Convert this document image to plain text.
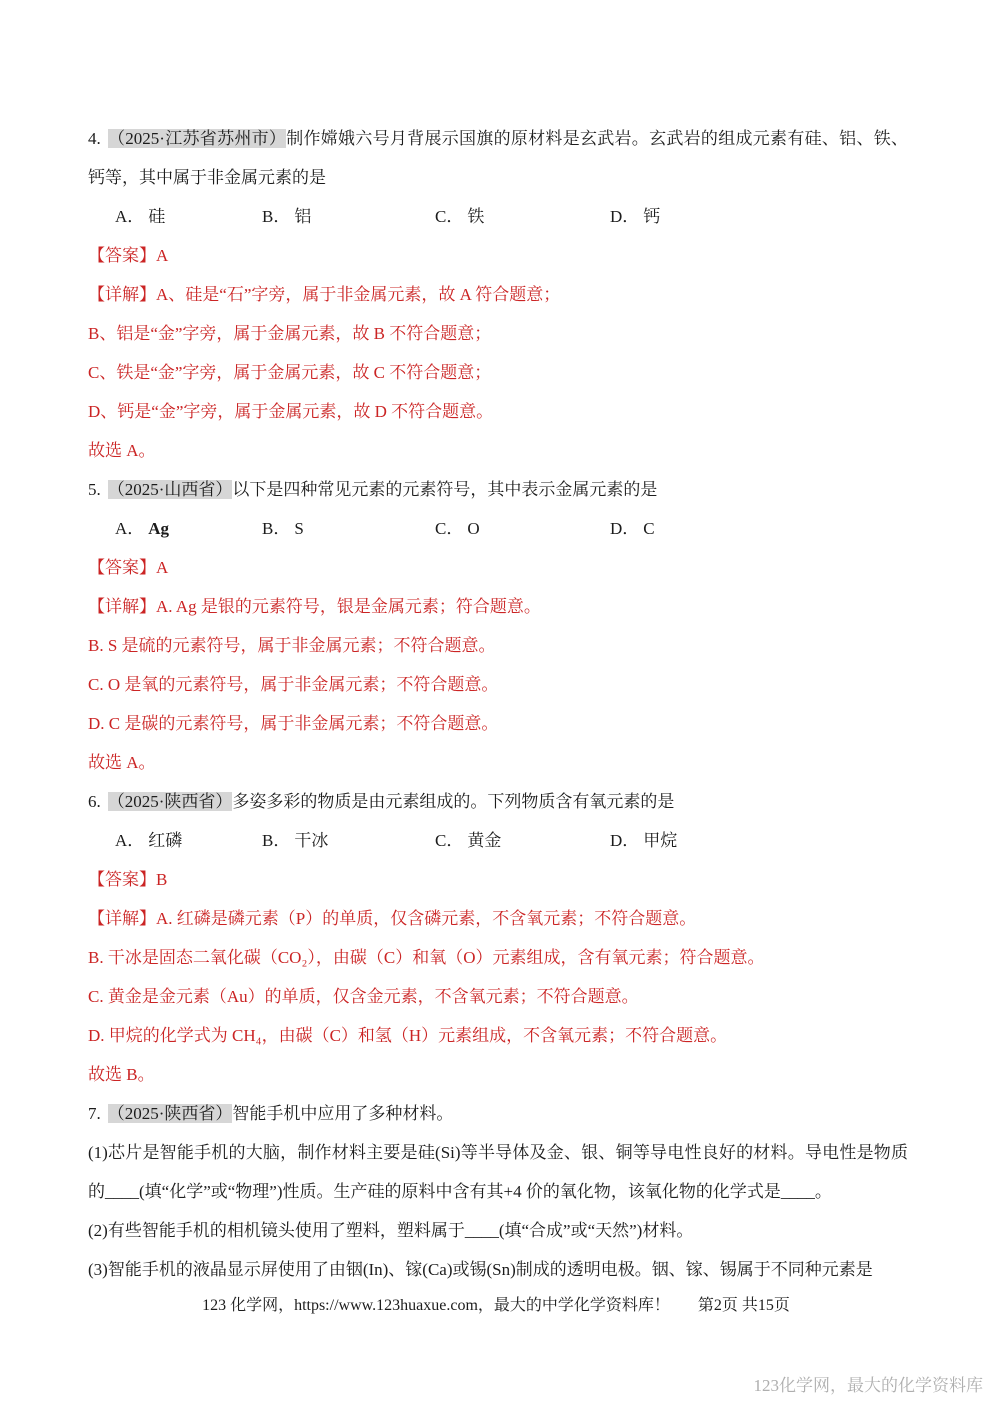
4. （2025·江苏省苏州市）制作嫦娥六号月背展示国旗的原材料是玄武岩。玄武岩的组成元素有硅、铝、铁、钙等，其中属于非金属元素的是

A． 硅	B． 铝	C． 铁	D． 钙

【答案】A

【详解】A、硅是“石”字旁，属于非金属元素，故 A 符合题意；

B、铝是“金”字旁，属于金属元素，故 B 不符合题意；

C、铁是“金”字旁，属于金属元素，故 C 不符合题意；

D、钙是“金”字旁，属于金属元素，故 D 不符合题意。

故选 A。

5. （2025·山西省）以下是四种常见元素的元素符号，其中表示金属元素的是

A． Ag	B． S	C． O	D． C

【答案】A

【详解】A. Ag 是银的元素符号，银是金属元素；符合题意。

B. S 是硫的元素符号，属于非金属元素；不符合题意。

C. O 是氧的元素符号，属于非金属元素；不符合题意。

D. C 是碳的元素符号，属于非金属元素；不符合题意。

故选 A。

6. （2025·陕西省）多姿多彩的物质是由元素组成的。下列物质含有氧元素的是

A． 红磷	B． 干冰	C． 黄金	D． 甲烷

【答案】B

【详解】A. 红磷是磷元素（P）的单质，仅含磷元素，不含氧元素；不符合题意。

B. 干冰是固态二氧化碳（CO₂），由碳（C）和氧（O）元素组成，含有氧元素；符合题意。

C. 黄金是金元素（Au）的单质，仅含金元素，不含氧元素；不符合题意。

D. 甲烷的化学式为 CH₄，由碳（C）和氢（H）元素组成，不含氧元素；不符合题意。

故选 B。

7. （2025·陕西省）智能手机中应用了多种材料。

(1)芯片是智能手机的大脑，制作材料主要是硅(Si)等半导体及金、银、铜等导电性良好的材料。导电性是物质的____(填“化学”或“物理”)性质。生产硅的原料中含有其+4 价的氧化物，该氧化物的化学式是____。

(2)有些智能手机的相机镜头使用了塑料，塑料属于____(填“合成”或“天然”)材料。

(3)智能手机的液晶显示屏使用了由铟(In)、镓(Ca)或锡(Sn)制成的透明电极。铟、镓、锡属于不同种元素是

123 化学网，https://www.123huaxue.com，最大的中学化学资料库！ 第2页 共15页
123化学网，最大的化学资料库
